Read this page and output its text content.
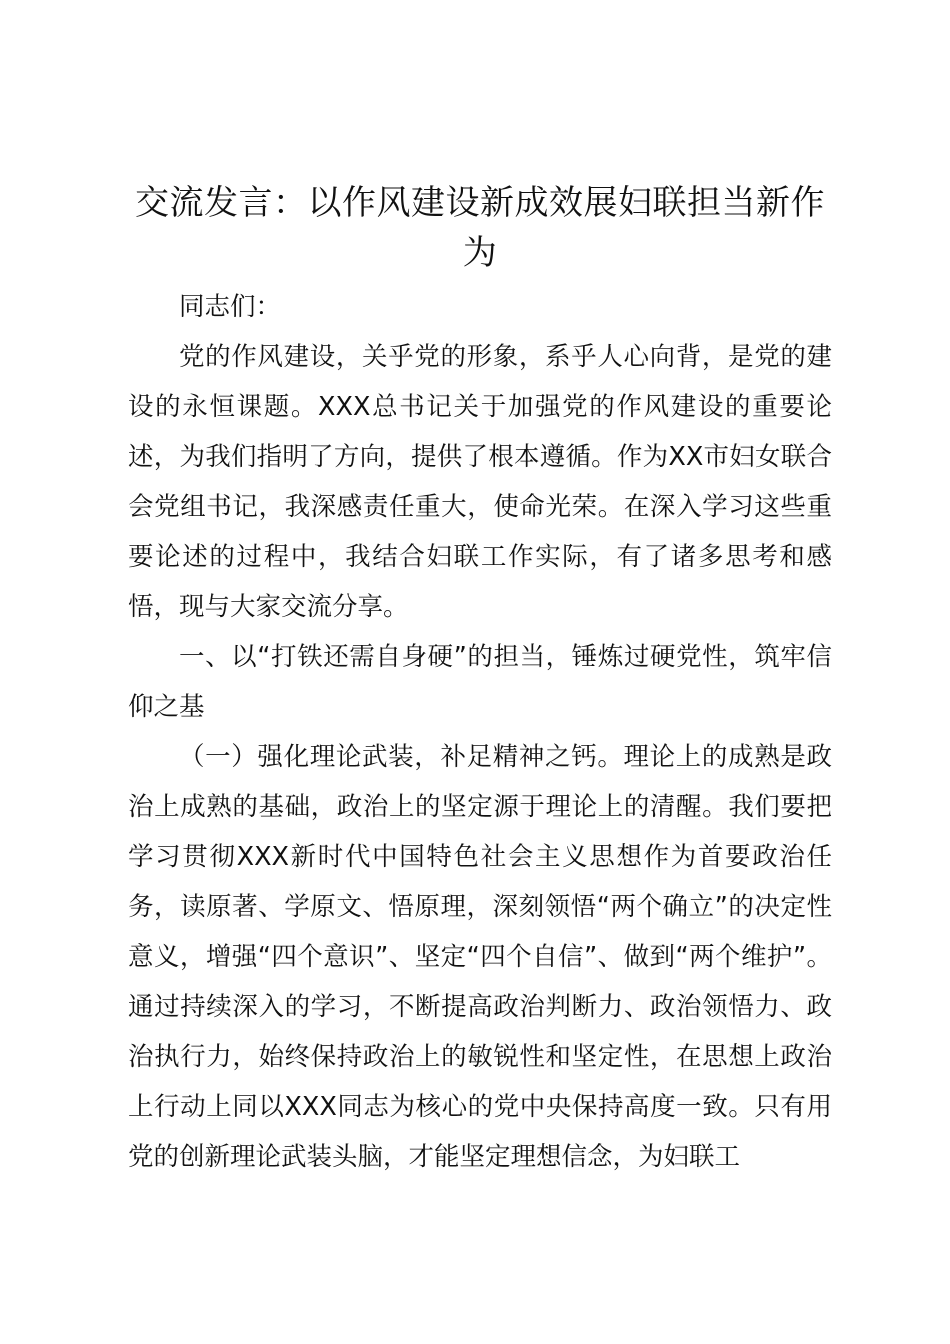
交流发言：以作风建设新成效展妇联担当新作为

同志们：

党的作风建设，关乎党的形象，系乎人心向背，是党的建设的永恒课题。XXX总书记关于加强党的作风建设的重要论述，为我们指明了方向，提供了根本遵循。作为XX市妇女联合会党组书记，我深感责任重大，使命光荣。在深入学习这些重要论述的过程中，我结合妇联工作实际，有了诸多思考和感悟，现与大家交流分享。

一、以“打铁还需自身硬”的担当，锤炼过硬党性，筑牢信仰之基

（一）强化理论武装，补足精神之钙。理论上的成熟是政治上成熟的基础，政治上的坚定源于理论上的清醒。我们要把学习贯彻XXX新时代中国特色社会主义思想作为首要政治任务，读原著、学原文、悟原理，深刻领悟“两个确立”的决定性意义，增强“四个意识”、坚定“四个自信”、做到“两个维护”。通过持续深入的学习，不断提高政治判断力、政治领悟力、政治执行力，始终保持政治上的敏锐性和坚定性，在思想上政治上行动上同以XXX同志为核心的党中央保持高度一致。只有用党的创新理论武装头脑，才能坚定理想信念，为妇联工
